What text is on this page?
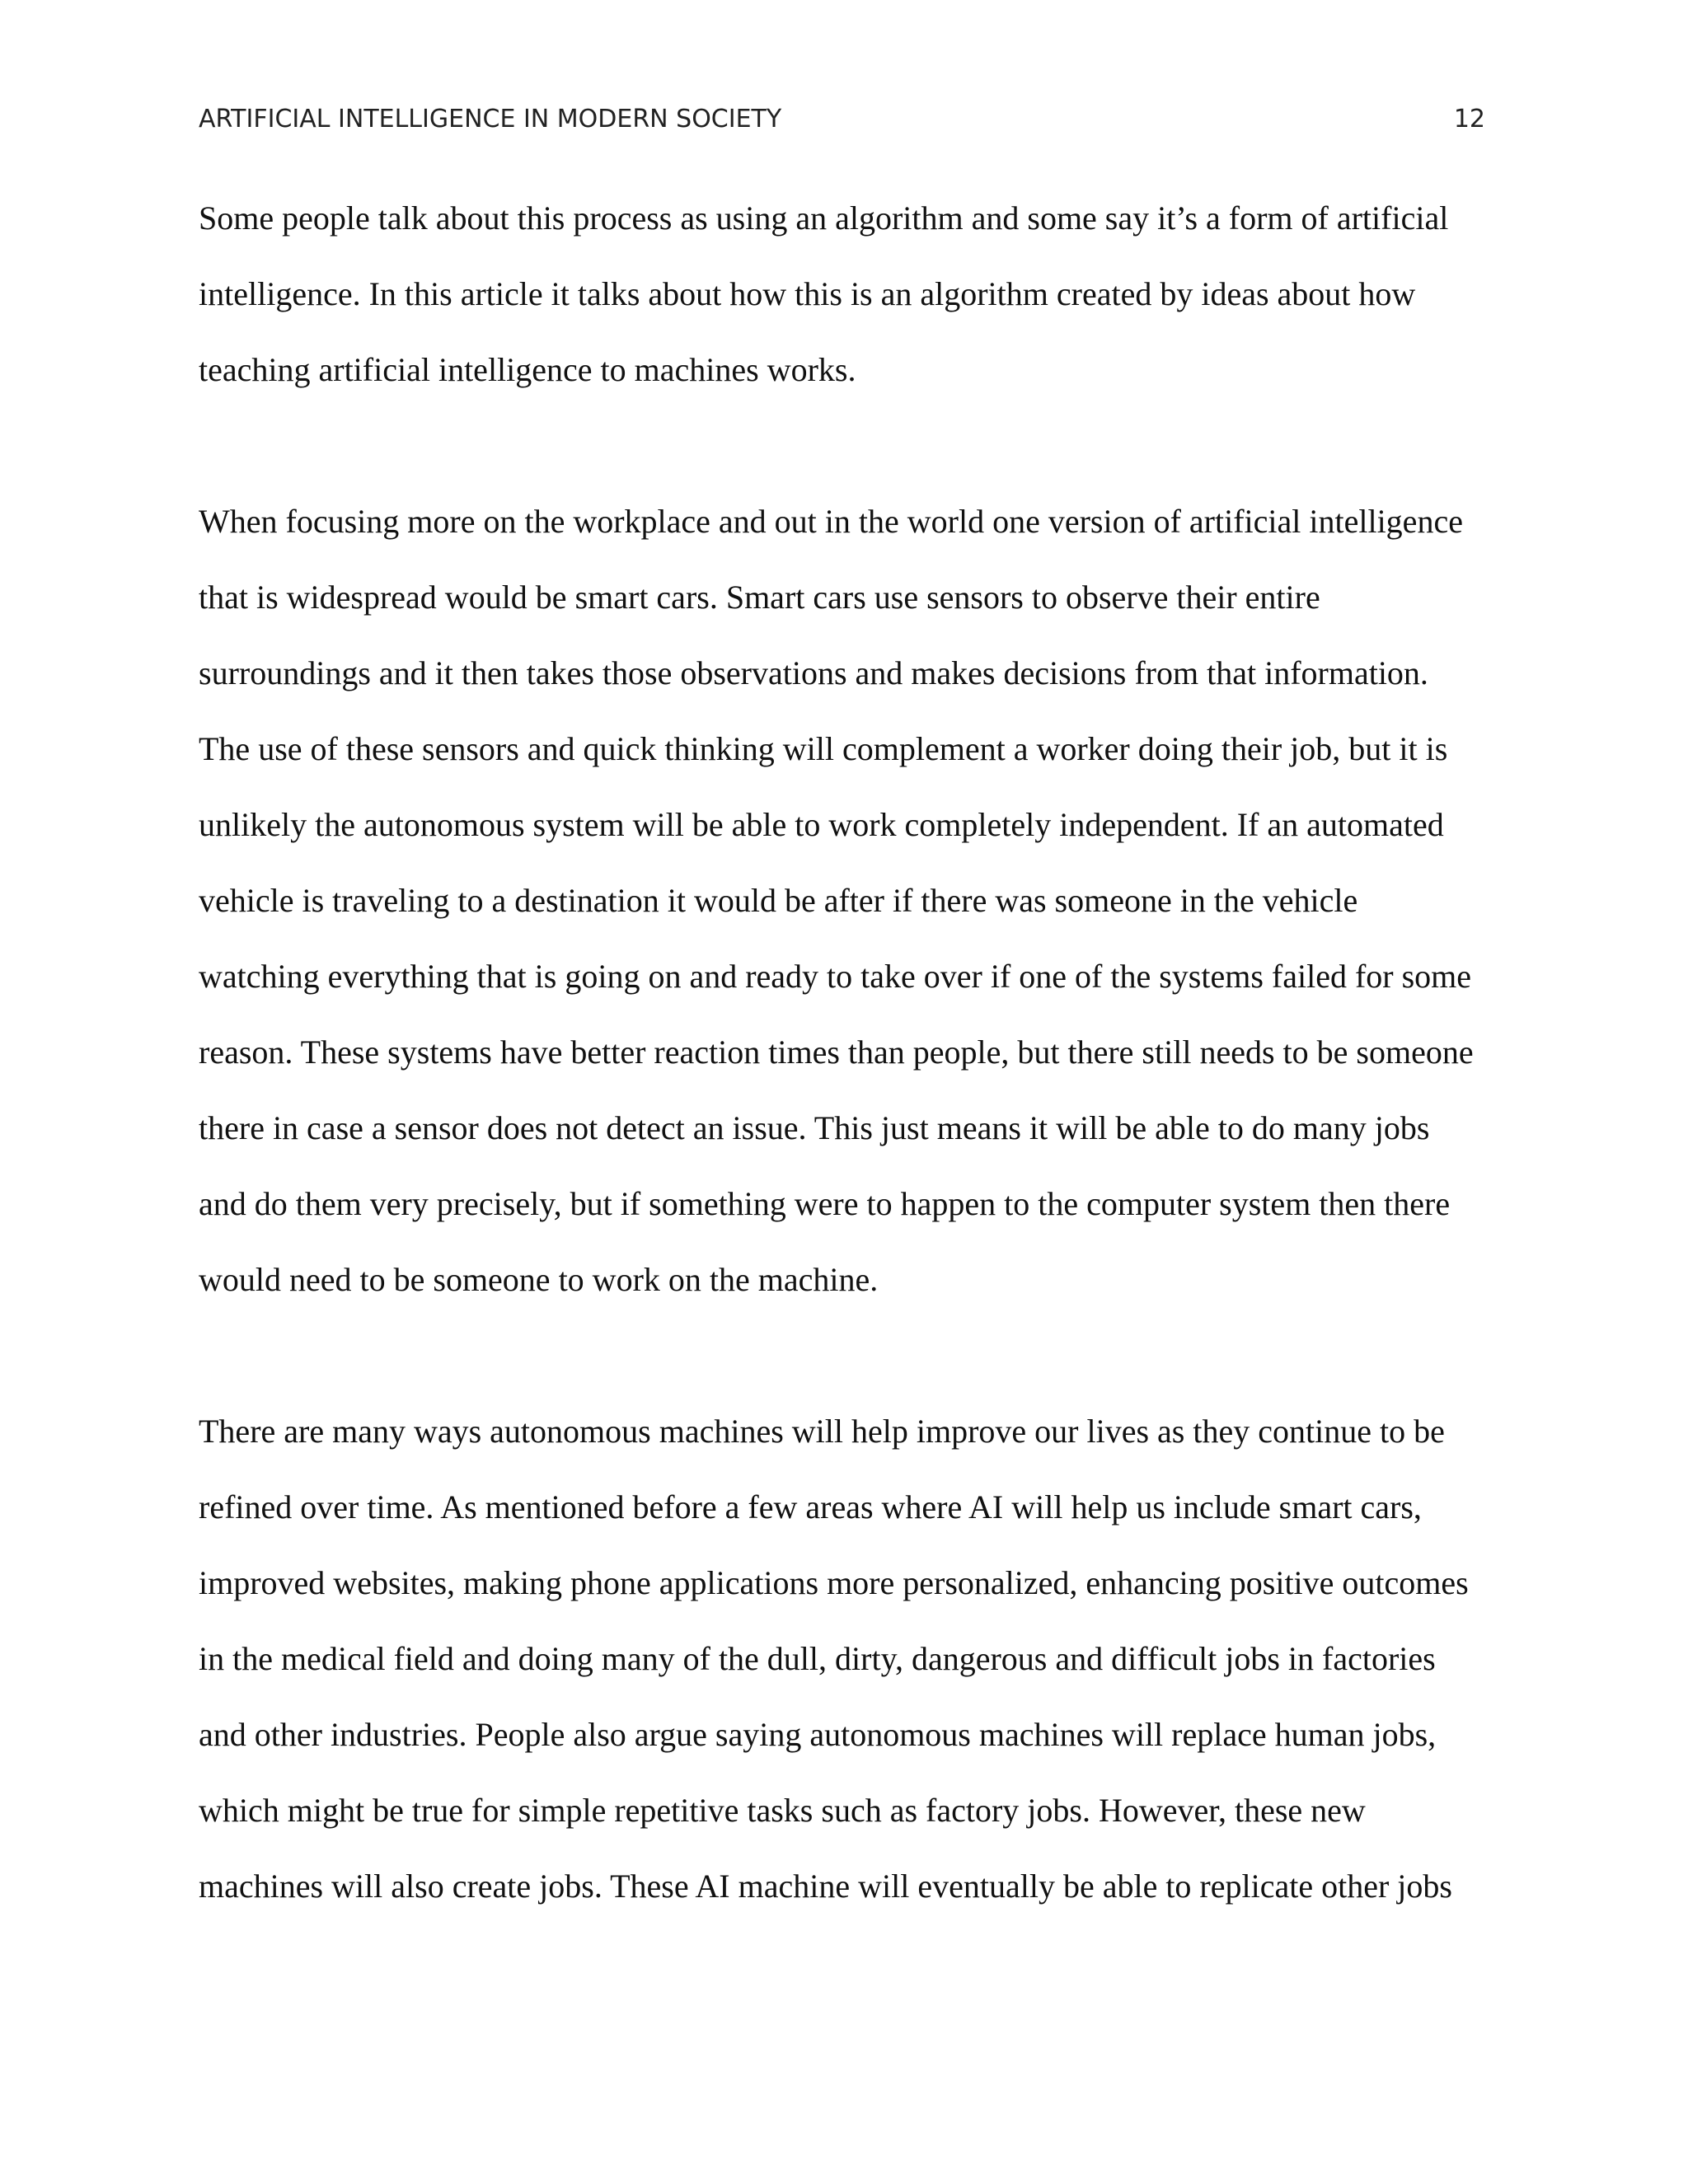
ARTIFICIAL INTELLIGENCE IN MODERN SOCIETY	12
Some people talk about this process as using an algorithm and some say it’s a form of artificial
intelligence. In this article it talks about how this is an algorithm created by ideas about how
teaching artificial intelligence to machines works.
When focusing more on the workplace and out in the world one version of artificial intelligence
that is widespread would be smart cars. Smart cars use sensors to observe their entire
surroundings and it then takes those observations and makes decisions from that information.
The use of these sensors and quick thinking will complement a worker doing their job, but it is
unlikely the autonomous system will be able to work completely independent. If an automated
vehicle is traveling to a destination it would be after if there was someone in the vehicle
watching everything that is going on and ready to take over if one of the systems failed for some
reason. These systems have better reaction times than people, but there still needs to be someone
there in case a sensor does not detect an issue. This just means it will be able to do many jobs
and do them very precisely, but if something were to happen to the computer system then there
would need to be someone to work on the machine.
There are many ways autonomous machines will help improve our lives as they continue to be
refined over time. As mentioned before a few areas where AI will help us include smart cars,
improved websites, making phone applications more personalized, enhancing positive outcomes
in the medical field and doing many of the dull, dirty, dangerous and difficult jobs in factories
and other industries. People also argue saying autonomous machines will replace human jobs,
which might be true for simple repetitive tasks such as factory jobs. However, these new
machines will also create jobs. These AI machine will eventually be able to replicate other jobs
